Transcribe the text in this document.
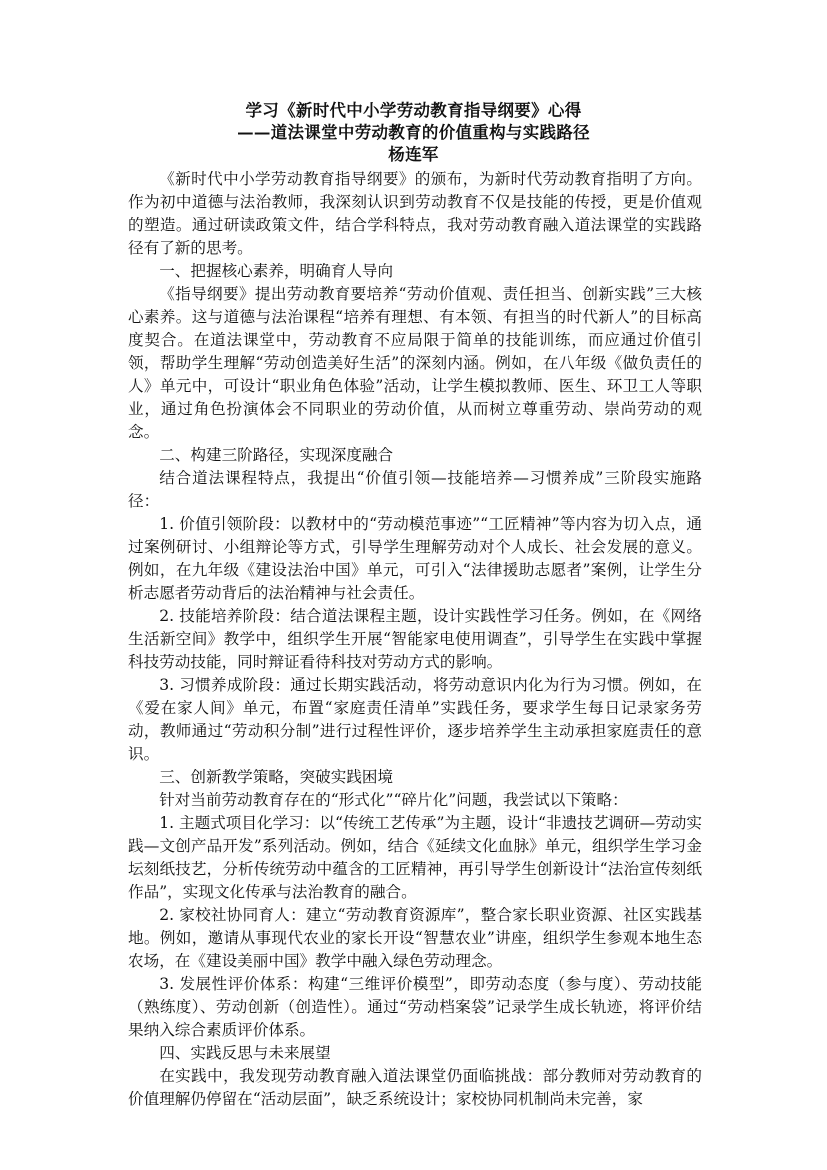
学习《新时代中小学劳动教育指导纲要》心得
——道法课堂中劳动教育的价值重构与实践路径
杨连军

《新时代中小学劳动教育指导纲要》的颁布，为新时代劳动教育指明了方向。作为初中道德与法治教师，我深刻认识到劳动教育不仅是技能的传授，更是价值观的塑造。通过研读政策文件，结合学科特点，我对劳动教育融入道法课堂的实践路径有了新的思考。

一、把握核心素养，明确育人导向

《指导纲要》提出劳动教育要培养“劳动价值观、责任担当、创新实践”三大核心素养。这与道德与法治课程“培养有理想、有本领、有担当的时代新人”的目标高度契合。在道法课堂中，劳动教育不应局限于简单的技能训练，而应通过价值引领，帮助学生理解“劳动创造美好生活”的深刻内涵。例如，在八年级《做负责任的人》单元中，可设计“职业角色体验”活动，让学生模拟教师、医生、环卫工人等职业，通过角色扮演体会不同职业的劳动价值，从而树立尊重劳动、崇尚劳动的观念。

二、构建三阶路径，实现深度融合

结合道法课程特点，我提出“价值引领—技能培养—习惯养成”三阶段实施路径：

1. 价值引领阶段：以教材中的“劳动模范事迹”“工匠精神”等内容为切入点，通过案例研讨、小组辩论等方式，引导学生理解劳动对个人成长、社会发展的意义。例如，在九年级《建设法治中国》单元，可引入“法律援助志愿者”案例，让学生分析志愿者劳动背后的法治精神与社会责任。

2. 技能培养阶段：结合道法课程主题，设计实践性学习任务。例如，在《网络生活新空间》教学中，组织学生开展“智能家电使用调查”，引导学生在实践中掌握科技劳动技能，同时辩证看待科技对劳动方式的影响。

3. 习惯养成阶段：通过长期实践活动，将劳动意识内化为行为习惯。例如，在《爱在家人间》单元，布置“家庭责任清单”实践任务，要求学生每日记录家务劳动，教师通过“劳动积分制”进行过程性评价，逐步培养学生主动承担家庭责任的意识。

三、创新教学策略，突破实践困境

针对当前劳动教育存在的“形式化”“碎片化”问题，我尝试以下策略：

1. 主题式项目化学习：以“传统工艺传承”为主题，设计“非遗技艺调研—劳动实践—文创产品开发”系列活动。例如，结合《延续文化血脉》单元，组织学生学习金坛刻纸技艺，分析传统劳动中蕴含的工匠精神，再引导学生创新设计“法治宣传刻纸作品”，实现文化传承与法治教育的融合。

2. 家校社协同育人：建立“劳动教育资源库”，整合家长职业资源、社区实践基地。例如，邀请从事现代农业的家长开设“智慧农业”讲座，组织学生参观本地生态农场，在《建设美丽中国》教学中融入绿色劳动理念。

3. 发展性评价体系：构建“三维评价模型”，即劳动态度（参与度）、劳动技能（熟练度）、劳动创新（创造性）。通过“劳动档案袋”记录学生成长轨迹，将评价结果纳入综合素质评价体系。

四、实践反思与未来展望

在实践中，我发现劳动教育融入道法课堂仍面临挑战：部分教师对劳动教育的价值理解仍停留在“活动层面”，缺乏系统设计；家校协同机制尚未完善，家
